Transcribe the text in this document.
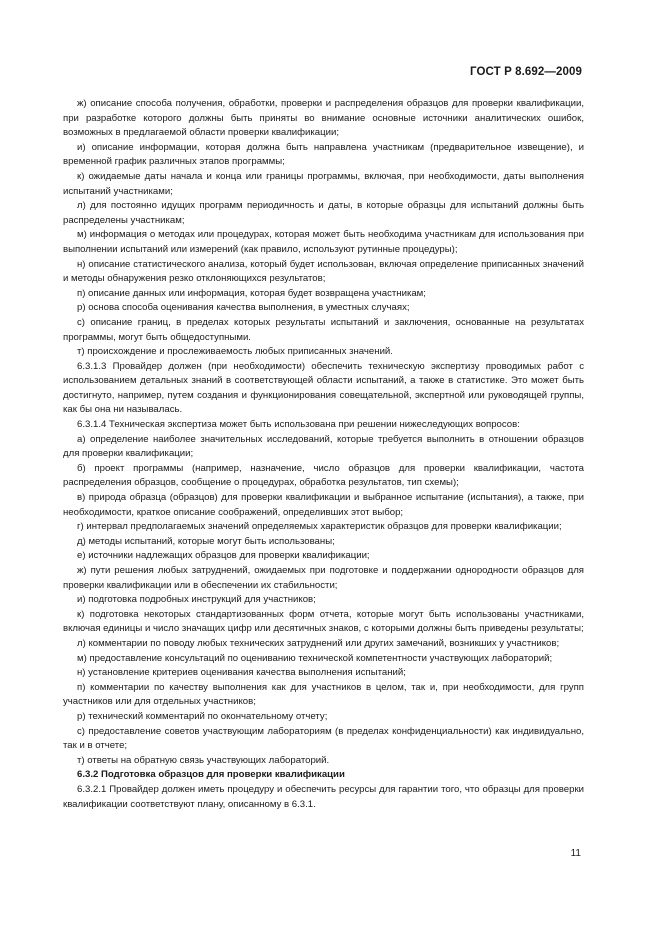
ГОСТ Р 8.692—2009

ж) описание способа получения, обработки, проверки и распределения образцов для проверки квалификации, при разработке которого должны быть приняты во внимание основные источники аналитических ошибок, возможных в предлагаемой области проверки квалификации;

и) описание информации, которая должна быть направлена участникам (предварительное извещение), и временной график различных этапов программы;

к) ожидаемые даты начала и конца или границы программы, включая, при необходимости, даты выполнения испытаний участниками;

л) для постоянно идущих программ периодичность и даты, в которые образцы для испытаний должны быть распределены участникам;

м) информация о методах или процедурах, которая может быть необходима участникам для использования при выполнении испытаний или измерений (как правило, используют рутинные процедуры);

н) описание статистического анализа, который будет использован, включая определение приписанных значений и методы обнаружения резко отклоняющихся результатов;

п) описание данных или информация, которая будет возвращена участникам;

р) основа способа оценивания качества выполнения, в уместных случаях;

с) описание границ, в пределах которых результаты испытаний и заключения, основанные на результатах программы, могут быть общедоступными.

т) происхождение и прослеживаемость любых приписанных значений.

6.3.1.3 Провайдер должен (при необходимости) обеспечить техническую экспертизу проводимых работ с использованием детальных знаний в соответствующей области испытаний, а также в статистике. Это может быть достигнуто, например, путем создания и функционирования совещательной, экспертной или руководящей группы, как бы она ни называлась.

6.3.1.4 Техническая экспертиза может быть использована при решении нижеследующих вопросов:

а) определение наиболее значительных исследований, которые требуется выполнить в отношении образцов для проверки квалификации;

б) проект программы (например, назначение, число образцов для проверки квалификации, частота распределения образцов, сообщение о процедурах, обработка результатов, тип схемы);

в) природа образца (образцов) для проверки квалификации и выбранное испытание (испытания), а также, при необходимости, краткое описание соображений, определивших этот выбор;

г) интервал предполагаемых значений определяемых характеристик образцов для проверки квалификации;

д) методы испытаний, которые могут быть использованы;

е) источники надлежащих образцов для проверки квалификации;

ж) пути решения любых затруднений, ожидаемых при подготовке и поддержании однородности образцов для проверки квалификации или в обеспечении их стабильности;

и) подготовка подробных инструкций для участников;

к) подготовка некоторых стандартизованных форм отчета, которые могут быть использованы участниками, включая единицы и число значащих цифр или десятичных знаков, с которыми должны быть приведены результаты;

л) комментарии по поводу любых технических затруднений или других замечаний, возникших у участников;

м) предоставление консультаций по оцениванию технической компетентности участвующих лабораторий;

н) установление критериев оценивания качества выполнения испытаний;

п) комментарии по качеству выполнения как для участников в целом, так и, при необходимости, для групп участников или для отдельных участников;

р) технический комментарий по окончательному отчету;

с) предоставление советов участвующим лабораториям (в пределах конфиденциальности) как индивидуально, так и в отчете;

т) ответы на обратную связь участвующих лабораторий.

6.3.2 Подготовка образцов для проверки квалификации

6.3.2.1 Провайдер должен иметь процедуру и обеспечить ресурсы для гарантии того, что образцы для проверки квалификации соответствуют плану, описанному в 6.3.1.

11
